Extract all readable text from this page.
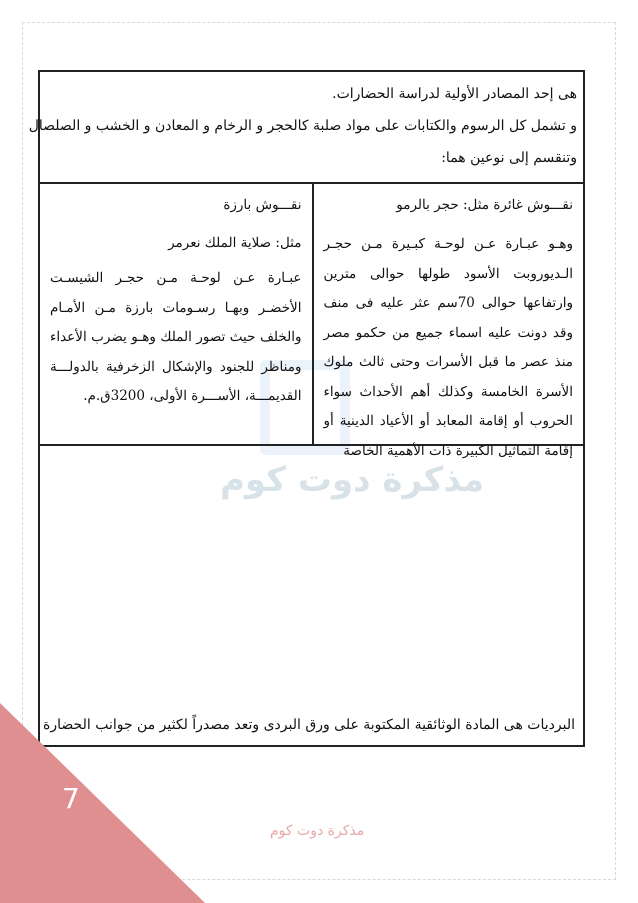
مذكرة دوت كوم

هى إحد المصادر الأولية لدراسة الحضارات.

و تشمل كل الرسوم والكتابات على مواد صلبة كالحجر و الرخام و المعادن و الخشب و الصلصال

وتنقسم إلى نوعين هما:

نقـــوش غائرة مثل: حجر بالرمو

وهـو عبـارة عـن لوحـة كبـيرة مـن حجـر الـديوروبت الأسود طولها حوالى مترين وارتفاعها حوالى 70سم عثر عليه فى منف وقد دونت عليه اسماء جميع من حكمو مصر منذ عصر ما قبل الأسرات وحتى ثالث ملوك الأسرة الخامسة وكذلك أهم الأحداث سواء الحروب أو إقامة المعابد أو الأعياد الدينية أو إقامة التماثيل الكبيرة ذات الأهمية الخاصة

نقـــوش بارزة

مثل: صلاية الملك نعرمر

عبـارة عـن لوحـة مـن حجـر الشيسـت الأخضـر وبهـا رسـومات بارزة مـن الأمـام والخلف حيث تصور الملك وهـو يضرب الأعداء ومناظر للجنود والإشكال الزخرفية بالدولـــة القديمـــة، الأســـرة الأولى، 3200ق.م.

البرديات هى المادة الوثائقية المكتوبة على ورق البردى وتعد مصدراً لكثير من جوانب الحضارة

7
مذكرة دوت كوم
